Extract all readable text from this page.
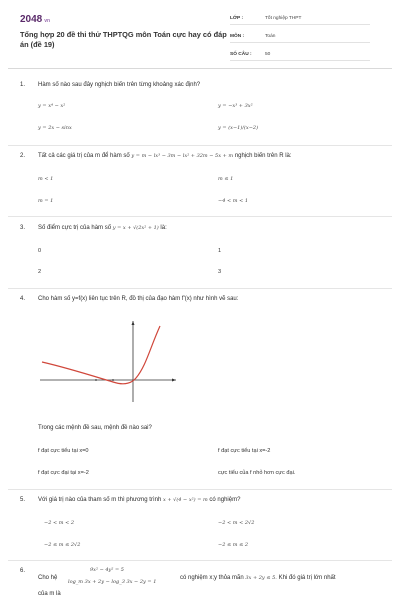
2048 vn
Tổng hợp 20 đề thi thử THPTQG môn Toán cực hay có đáp án (đề 19)
LỚP :	Tốt nghiệp THPT
MÔN :	Toán
SỐ CÂU :	50
1. Hàm số nào sau đây nghịch biến trên từng khoảng xác định?
y = x⁴ − x²	y = −x³ + 3x²
y = 2x − sinx	y = (x−1)/(x−2)
2. Tất cả các giá trị của m để hàm số y = m − lx³ − 3m − lx² + 32m − 5x + m nghịch biến trên R là:
m < 1	m ≤ 1
m = 1	−4 < m < 1
3. Số điểm cực trị của hàm số y = x + √(2x² + 1) là:
0	1
2	3
4. Cho hàm số y=f(x) liên tục trên R, đồ thị của đạo hàm f'(x) như hình vẽ sau:
Trong các mệnh đề sau, mệnh đề nào sai?
f đạt cực tiểu tại x=0	f đạt cực tiểu tại x=-2
f đạt cực đại tại x=-2	cực tiểu của f nhỏ hơn cực đại.
5. Với giá trị nào của tham số m thì phương trình x + √(4 − x²) = m có nghiệm?
−2 < m < 2	−2 < m < 2√2
−2 ≤ m ≤ 2√2	−2 ≤ m ≤ 2
6.
Cho hệ
9x² − 4y² = 5
log_m 3x + 2y − log_3 3x − 2y = 1
có nghiệm x;y thỏa mãn 3x + 2y ≤ 5. Khi đó giá trị lớn nhất
của m là
